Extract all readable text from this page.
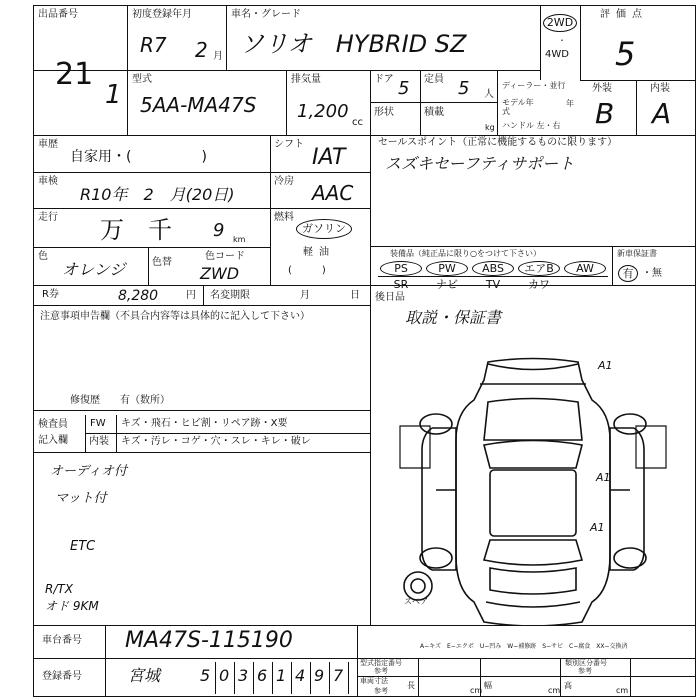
出品番号
21
1
初度登録年月
R7 2 月
車名・グレード
ソリオ　HYBRID SZ
2WD
・
4WD
評価点
5
型式
5AA-MA47S
排気量
1,200
cc
ドア 5 定員 5 人
形状	積載
kg
ディーラー・並行
モデル年式
年
ハンドル 左・右
外装	内装
B A
車歴
自家用・(　　　　　)
シフト
IAT
車検
R10年　2　月(20日)
冷房 AAC
走行 万 千 9 km
燃料
ガソリン
軽油
(　　　)
色
オレンジ	色替
色コード
ZWD
R券	8,280	円 名変期限	月	日
セールスポイント（正常に機能するものに限ります）
スズキセーフティサポート
装備品（純正品に限り○をつけて下さい）	新車保証書
有 ・無
PS	PW	ABS	エアB	AW
SR	ナビ	TV	カワ
後日品
取説・保証書
注意事項申告欄（不具合内容等は具体的に記入して下さい）
修復歴　　有（数所）
検査員
記入欄
FW
内装
キズ・飛石・ヒビ割・リペア跡・X要
キズ・汚レ・コゲ・穴・スレ・キレ・破レ
オーディオ付
マット付
R/TX
オド 9KM
ETC
A1
A1
A1
スペア
車台番号 MA47S-115190
登録番号	宮城 5 0 3 6 1 4 9 7
A−キズ　E−エクボ　U−凹み　W−補修跡　S−サビ　C−腐食　XX−交換済
型式指定番号
参考
類別区分番号
参考
車両寸法
参考
長
cm
幅
cm
高
cm
